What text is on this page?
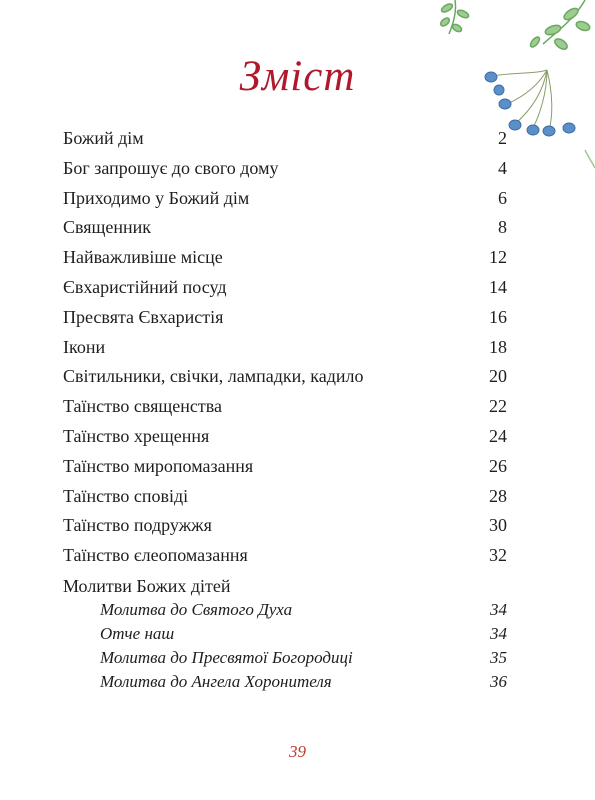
Зміст
Божий дім	2
Бог запрошує до свого дому	4
Приходимо у Божий дім	6
Священник	8
Найважливіше місце	12
Євхаристійний посуд	14
Пресвята Євхаристія	16
Ікони	18
Світильники, свічки, лампадки, кадило	20
Таїнство священства	22
Таїнство хрещення	24
Таїнство миропомазання	26
Таїнство сповіді	28
Таїнство подружжя	30
Таїнство єлеопомазання	32
Молитви Божих дітей
Молитва до Святого Духа	34
Отче наш	34
Молитва до Пресвятої Богородиці	35
Молитва до Ангела Хоронителя	36
39
